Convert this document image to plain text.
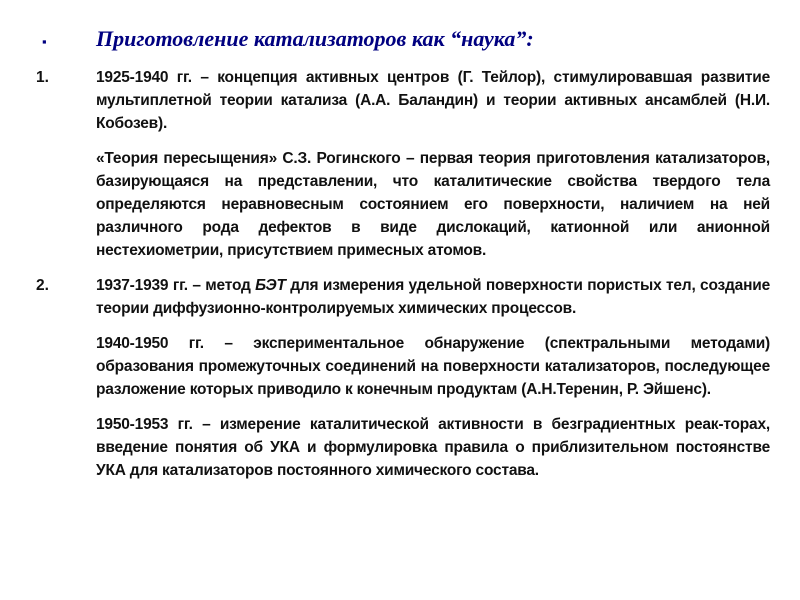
▪	Приготовление катализаторов как “наука”:
1.	1925-1940 гг. – концепция активных центров (Г. Тейлор), стимулировавшая развитие мультиплетной теории катализа (А.А. Баландин) и теории активных ансамблей (Н.И. Кобозев).

«Теория пересыщения» С.З. Рогинского – первая теория приготовления катализаторов, базирующаяся на представлении, что каталитические свойства твердого тела определяются неравновесным состоянием его поверхности, наличием на ней различного рода дефектов в виде дислокаций, катионной или анионной нестехиометрии, присутствием примесных атомов.

2.	1937-1939 гг. – метод БЭТ для измерения удельной поверхности пористых тел, создание теории диффузионно-контролируемых химических процессов.

1940-1950 гг. – экспериментальное обнаружение (спектральными методами) образования промежуточных соединений на поверхности катализаторов, последующее разложение которых приводило к конечным продуктам (А.Н.Теренин, Р. Эйшенс).

1950-1953 гг. – измерение каталитической активности в безградиентных реак-торах, введение понятия об УКА и формулировка правила о приблизительном постоянстве УКА для катализаторов постоянного химического состава.
